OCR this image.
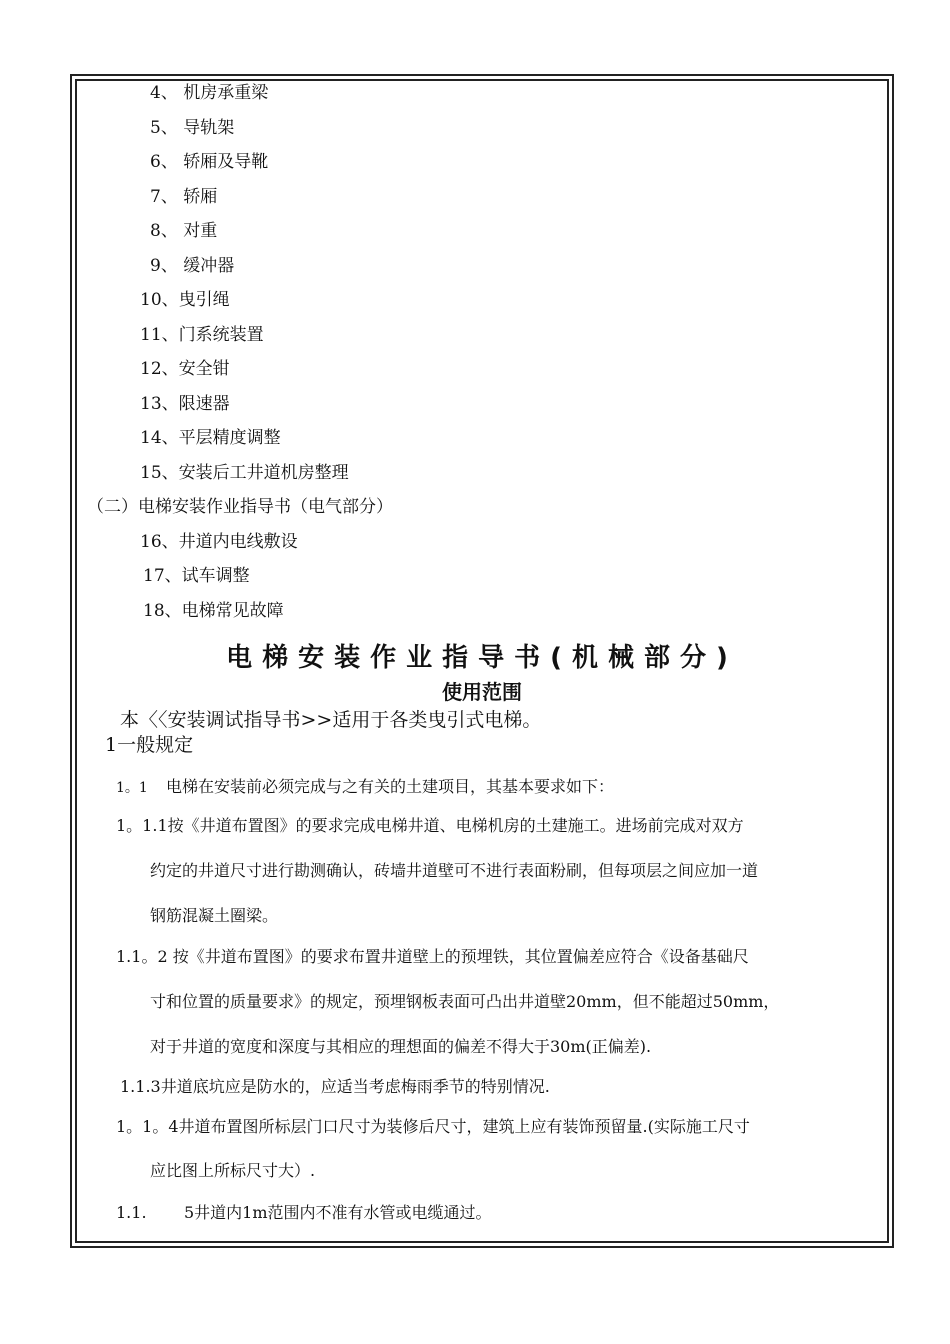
4、 机房承重梁
5、 导轨架
6、 轿厢及导靴
7、 轿厢
8、 对重
9、 缓冲器
10、曳引绳
11、门系统装置
12、安全钳
13、限速器
14、平层精度调整
15、安装后工井道机房整理
（二）电梯安装作业指导书（电气部分）
16、井道内电线敷设
17、试车调整
18、电梯常见故障
电梯安装作业指导书(机械部分)
使用范围
本〈〈安装调试指导书>>适用于各类曳引式电梯。
1一般规定
1。1 电梯在安装前必须完成与之有关的土建项目，其基本要求如下：
1。1.1按《井道布置图》的要求完成电梯井道、电梯机房的土建施工。进场前完成对双方
约定的井道尺寸进行勘测确认，砖墙井道壁可不进行表面粉刷，但每项层之间应加一道
钢筋混凝土圈梁。
1.1。2 按《井道布置图》的要求布置井道壁上的预埋铁，其位置偏差应符合《设备基础尺
寸和位置的质量要求》的规定，预埋钢板表面可凸出井道壁20mm，但不能超过50mm，
对于井道的宽度和深度与其相应的理想面的偏差不得大于30m(正偏差).
1.1.3井道底坑应是防水的，应适当考虑梅雨季节的特别情况.
1。1。4井道布置图所标层门口尺寸为装修后尺寸，建筑上应有装饰预留量.(实际施工尺寸
应比图上所标尺寸大）.
1.1. 5井道内1m范围内不准有水管或电缆通过。
